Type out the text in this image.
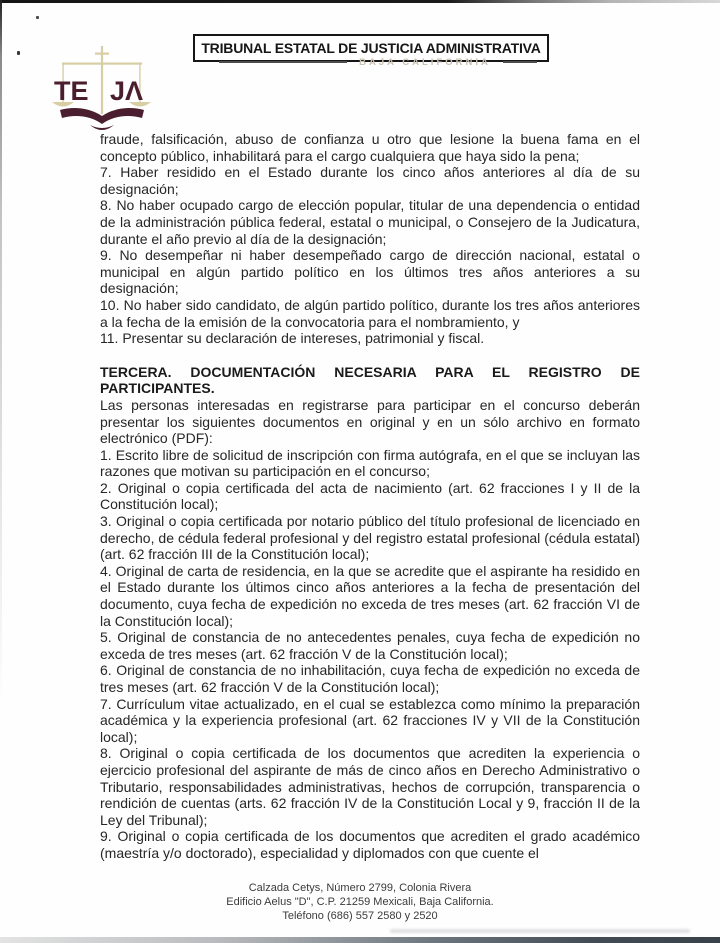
TE JΛ
TRIBUNAL ESTATAL DE JUSTICIA ADMINISTRATIVA
BAJA CALIFORNIA

fraude, falsificación, abuso de confianza u otro que lesione la buena fama en el concepto público, inhabilitará para el cargo cualquiera que haya sido la pena;

7. Haber residido en el Estado durante los cinco años anteriores al día de su designación;

8. No haber ocupado cargo de elección popular, titular de una dependencia o entidad de la administración pública federal, estatal o municipal, o Consejero de la Judicatura, durante el año previo al día de la designación;

9. No desempeñar ni haber desempeñado cargo de dirección nacional, estatal o municipal en algún partido político en los últimos tres años anteriores a su designación;

10. No haber sido candidato, de algún partido político, durante los tres años anteriores a la fecha de la emisión de la convocatoria para el nombramiento, y

11. Presentar su declaración de intereses, patrimonial y fiscal.

TERCERA. DOCUMENTACIÓN NECESARIA PARA EL REGISTRO DE PARTICIPANTES.

Las personas interesadas en registrarse para participar en el concurso deberán presentar los siguientes documentos en original y en un sólo archivo en formato electrónico (PDF):

1. Escrito libre de solicitud de inscripción con firma autógrafa, en el que se incluyan las razones que motivan su participación en el concurso;

2. Original o copia certificada del acta de nacimiento (art. 62 fracciones I y II de la Constitución local);

3. Original o copia certificada por notario público del título profesional de licenciado en derecho, de cédula federal profesional y del registro estatal profesional (cédula estatal) (art. 62 fracción III de la Constitución local);

4. Original de carta de residencia, en la que se acredite que el aspirante ha residido en el Estado durante los últimos cinco años anteriores a la fecha de presentación del documento, cuya fecha de expedición no exceda de tres meses (art. 62 fracción VI de la Constitución local);

5. Original de constancia de no antecedentes penales, cuya fecha de expedición no exceda de tres meses (art. 62 fracción V de la Constitución local);

6. Original de constancia de no inhabilitación, cuya fecha de expedición no exceda de tres meses (art. 62 fracción V de la Constitución local);

7. Currículum vitae actualizado, en el cual se establezca como mínimo la preparación académica y la experiencia profesional (art. 62 fracciones IV y VII de la Constitución local);

8. Original o copia certificada de los documentos que acrediten la experiencia o ejercicio profesional del aspirante de más de cinco años en Derecho Administrativo o Tributario, responsabilidades administrativas, hechos de corrupción, transparencia o rendición de cuentas (arts. 62 fracción IV de la Constitución Local y 9, fracción II de la Ley del Tribunal);

9. Original o copia certificada de los documentos que acrediten el grado académico (maestría y/o doctorado), especialidad y diplomados con que cuente el

Calzada Cetys, Número 2799, Colonia Rivera
Edificio Aelus "D", C.P. 21259 Mexicali, Baja California.
Teléfono (686) 557 2580 y 2520
